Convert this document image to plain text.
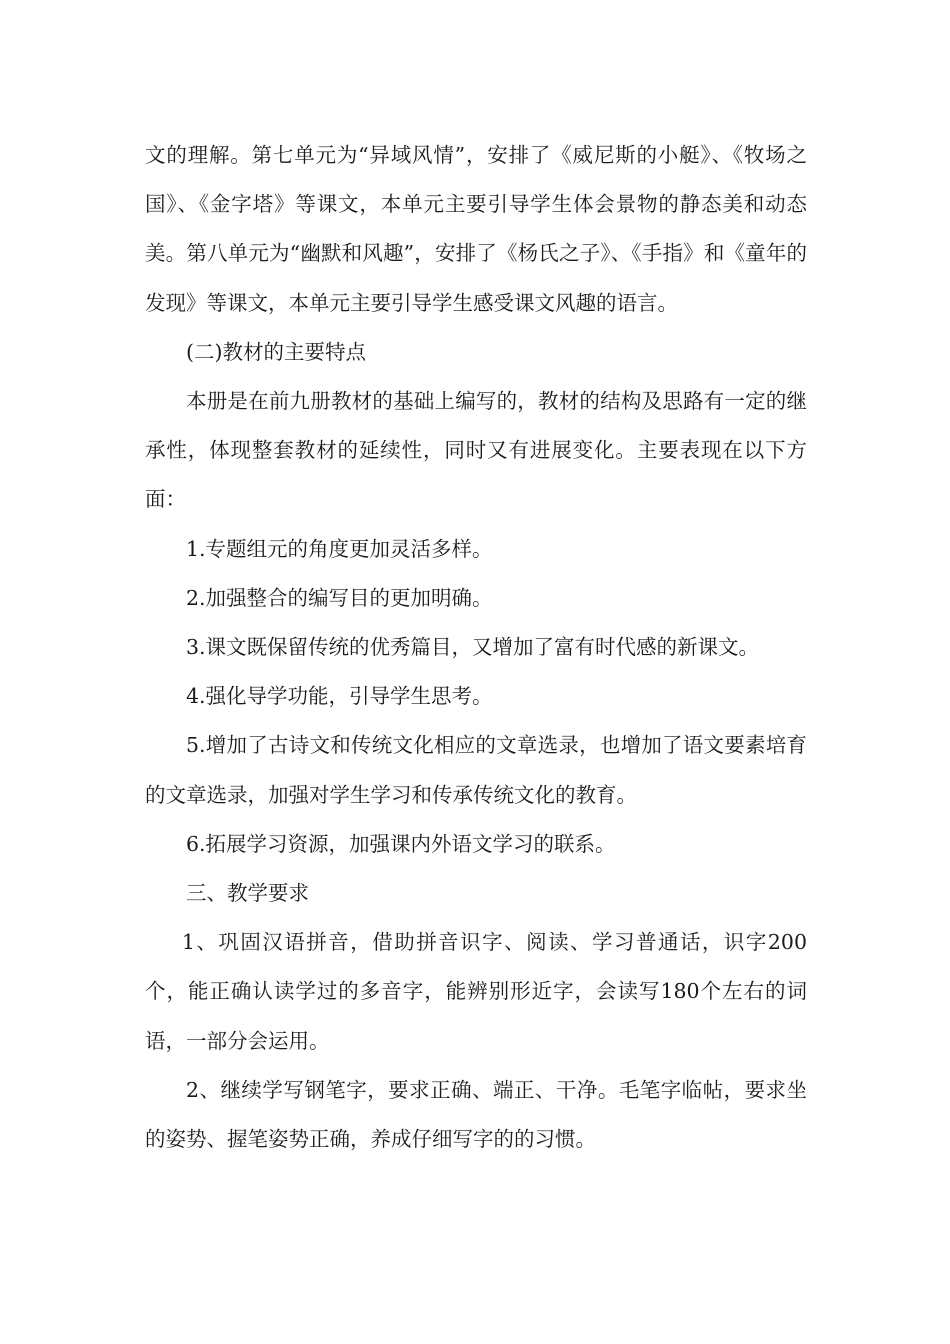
文的理解。第七单元为“异域风情”，安排了《威尼斯的小艇》、《牧场之国》、《金字塔》等课文，本单元主要引导学生体会景物的静态美和动态美。第八单元为“幽默和风趣”，安排了《杨氏之子》、《手指》和《童年的发现》等课文，本单元主要引导学生感受课文风趣的语言。

(二)教材的主要特点

本册是在前九册教材的基础上编写的，教材的结构及思路有一定的继承性，体现整套教材的延续性，同时又有进展变化。主要表现在以下方面：

1.专题组元的角度更加灵活多样。

2.加强整合的编写目的更加明确。

3.课文既保留传统的优秀篇目，又增加了富有时代感的新课文。

4.强化导学功能，引导学生思考。

5.增加了古诗文和传统文化相应的文章选录，也增加了语文要素培育的文章选录，加强对学生学习和传承传统文化的教育。

6.拓展学习资源，加强课内外语文学习的联系。

三、教学要求

1、巩固汉语拼音，借助拼音识字、阅读、学习普通话，识字200个，能正确认读学过的多音字，能辨别形近字，会读写180个左右的词语，一部分会运用。

2、继续学写钢笔字，要求正确、端正、干净。毛笔字临帖，要求坐的姿势、握笔姿势正确，养成仔细写字的的习惯。
